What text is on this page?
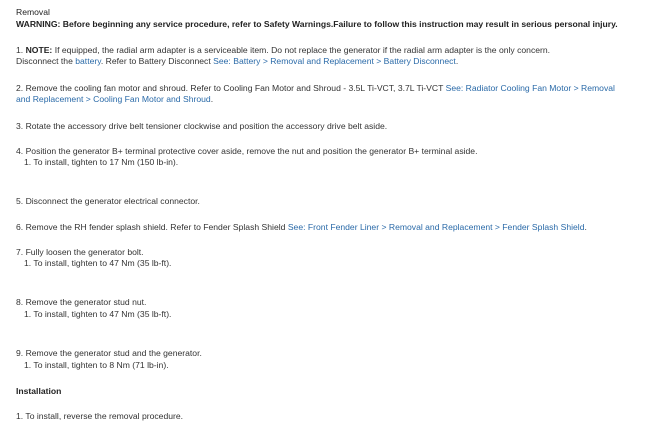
Removal
WARNING: Before beginning any service procedure, refer to Safety Warnings.Failure to follow this instruction may result in serious personal injury.
1. NOTE: If equipped, the radial arm adapter is a serviceable item. Do not replace the generator if the radial arm adapter is the only concern.
Disconnect the battery. Refer to Battery Disconnect See: Battery > Removal and Replacement > Battery Disconnect.
2. Remove the cooling fan motor and shroud. Refer to Cooling Fan Motor and Shroud - 3.5L Ti-VCT, 3.7L Ti-VCT See: Radiator Cooling Fan Motor > Removal
and Replacement > Cooling Fan Motor and Shroud.
3. Rotate the accessory drive belt tensioner clockwise and position the accessory drive belt aside.
4. Position the generator B+ terminal protective cover aside, remove the nut and position the generator B+ terminal aside.
1. To install, tighten to 17 Nm (150 lb-in).
5. Disconnect the generator electrical connector.
6. Remove the RH fender splash shield. Refer to Fender Splash Shield See: Front Fender Liner > Removal and Replacement > Fender Splash Shield.
7. Fully loosen the generator bolt.
1. To install, tighten to 47 Nm (35 lb-ft).
8. Remove the generator stud nut.
1. To install, tighten to 47 Nm (35 lb-ft).
9. Remove the generator stud and the generator.
1. To install, tighten to 8 Nm (71 lb-in).
Installation
1. To install, reverse the removal procedure.
